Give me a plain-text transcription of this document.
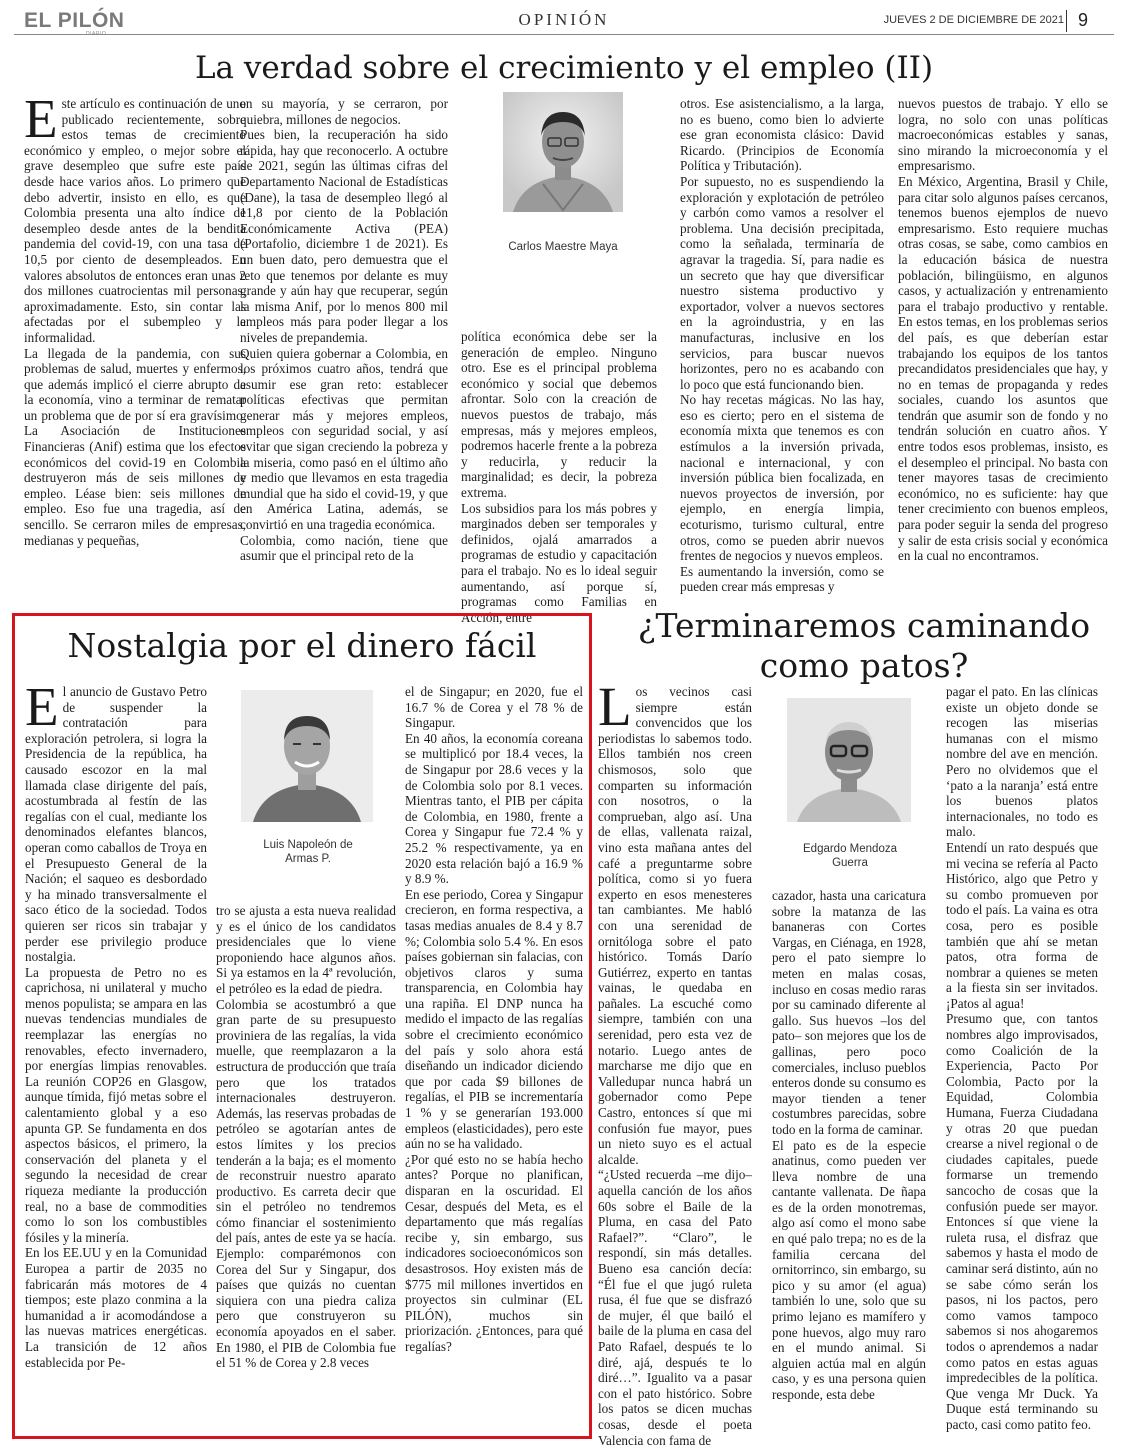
EL PILÓN	OPINIÓN	JUEVES 2 DE DICIEMBRE DE 2021 9
La verdad sobre el crecimiento y el empleo (II)

Este artículo es continuación de uno publicado recientemente, sobre estos temas de crecimiento económico y empleo, o mejor sobre el grave desempleo que sufre este país desde hace varios años. Lo primero que debo advertir, insisto en ello, es que Colombia presenta una alto índice de desempleo desde antes de la bendita pandemia del covid-19, con una tasa de 10,5 por ciento de desempleados. En valores absolutos de entonces eran unas 2 dos millones cuatrocientas mil personas, aproximadamente. Esto, sin contar las afectadas por el subempleo y la informalidad.

La llegada de la pandemia, con sus problemas de salud, muertes y enfermos, que además implicó el cierre abrupto de la economía, vino a terminar de rematar un problema que de por sí era gravísimo. La Asociación de Instituciones Financieras (Anif) estima que los efectos económicos del covid-19 en Colombia destruyeron más de seis millones de empleo. Léase bien: seis millones de empleo. Eso fue una tragedia, así de sencillo. Se cerraron miles de empresas, medianas y pequeñas,

en su mayoría, y se cerraron, por quiebra, millones de negocios.

Pues bien, la recuperación ha sido rápida, hay que reconocerlo. A octubre de 2021, según las últimas cifras del Departamento Nacional de Estadísticas (Dane), la tasa de desempleo llegó al 11,8 por ciento de la Población Económicamente Activa (PEA) (Portafolio, diciembre 1 de 2021). Es un buen dato, pero demuestra que el reto que tenemos por delante es muy grande y aún hay que recuperar, según la misma Anif, por lo menos 800 mil empleos más para poder llegar a los niveles de prepandemia.

Quien quiera gobernar a Colombia, en los próximos cuatro años, tendrá que asumir ese gran reto: establecer políticas efectivas que permitan generar más y mejores empleos, empleos con seguridad social, y así evitar que sigan creciendo la pobreza y la miseria, como pasó en el último año y medio que llevamos en esta tragedia mundial que ha sido el covid-19, y que en América Latina, además, se convirtió en una tragedia económica.

Colombia, como nación, tiene que asumir que el principal reto de la

Carlos Maestre Maya

política económica debe ser la generación de empleo. Ninguno otro. Ese es el principal problema económico y social que debemos afrontar. Solo con la creación de nuevos puestos de trabajo, más empresas, más y mejores empleos, podremos hacerle frente a la pobreza y reducirla, y reducir la marginalidad; es decir, la pobreza extrema.

Los subsidios para los más pobres y marginados deben ser temporales y definidos, ojalá amarrados a programas de estudio y capacitación para el trabajo. No es lo ideal seguir aumentando, así porque sí, programas como Familias en Acción, entre

otros. Ese asistencialismo, a la larga, no es bueno, como bien lo advierte ese gran economista clásico: David Ricardo. (Principios de Economía Política y Tributación).

Por supuesto, no es suspendiendo la exploración y explotación de petróleo y carbón como vamos a resolver el problema. Una decisión precipitada, como la señalada, terminaría de agravar la tragedia. Sí, para nadie es un secreto que hay que diversificar nuestro sistema productivo y exportador, volver a nuevos sectores en la agroindustria, y en las manufacturas, inclusive en los servicios, para buscar nuevos horizontes, pero no es acabando con lo poco que está funcionando bien.

No hay recetas mágicas. No las hay, eso es cierto; pero en el sistema de economía mixta que tenemos es con estímulos a la inversión privada, nacional e internacional, y con inversión pública bien focalizada, en nuevos proyectos de inversión, por ejemplo, en energía limpia, ecoturismo, turismo cultural, entre otros, como se pueden abrir nuevos frentes de negocios y nuevos empleos.

Es aumentando la inversión, como se pueden crear más empresas y

nuevos puestos de trabajo. Y ello se logra, no solo con unas políticas macroeconómicas estables y sanas, sino mirando la microeconomía y el empresarismo.

En México, Argentina, Brasil y Chile, para citar solo algunos países cercanos, tenemos buenos ejemplos de nuevo empresarismo. Esto requiere muchas otras cosas, se sabe, como cambios en la educación básica de nuestra población, bilingüismo, en algunos casos, y actualización y entrenamiento para el trabajo productivo y rentable. En estos temas, en los problemas serios del país, es que deberían estar trabajando los equipos de los tantos precandidatos presidenciales que hay, y no en temas de propaganda y redes sociales, cuando los asuntos que tendrán que asumir son de fondo y no tendrán solución en cuatro años. Y entre todos esos problemas, insisto, es el desempleo el principal. No basta con tener mayores tasas de crecimiento económico, no es suficiente: hay que tener crecimiento con buenos empleos, para poder seguir la senda del progreso y salir de esta crisis social y económica en la cual no encontramos.

Nostalgia por el dinero fácil

El anuncio de Gustavo Petro de suspender la contratación para exploración petrolera, si logra la Presidencia de la república, ha causado escozor en la mal llamada clase dirigente del país, acostumbrada al festín de las regalías con el cual, mediante los denominados elefantes blancos, operan como caballos de Troya en el Presupuesto General de la Nación; el saqueo es desbordado y ha minado transversalmente el saco ético de la sociedad. Todos quieren ser ricos sin trabajar y perder ese privilegio produce nostalgia.

La propuesta de Petro no es caprichosa, ni unilateral y mucho menos populista; se ampara en las nuevas tendencias mundiales de reemplazar las energías no renovables, efecto invernadero, por energías limpias renovables. La reunión COP26 en Glasgow, aunque tímida, fijó metas sobre el calentamiento global y a eso apunta GP. Se fundamenta en dos aspectos básicos, el primero, la conservación del planeta y el segundo la necesidad de crear riqueza mediante la producción real, no a base de commodities como lo son los combustibles fósiles y la minería.

En los EE.UU y en la Comunidad Europea a partir de 2035 no fabricarán más motores de 4 tiempos; este plazo conmina a la humanidad a ir acomodándose a las nuevas matrices energéticas. La transición de 12 años establecida por Pe-

Luis Napoleón de
Armas P.

tro se ajusta a esta nueva realidad y es el único de los candidatos presidenciales que lo viene proponiendo hace algunos años. Si ya estamos en la 4ª revolución, el petróleo es la edad de piedra.

Colombia se acostumbró a que gran parte de su presupuesto proviniera de las regalías, la vida muelle, que reemplazaron a la estructura de producción que traía pero que los tratados internacionales destruyeron. Además, las reservas probadas de petróleo se agotarían antes de estos límites y los precios tenderán a la baja; es el momento de reconstruir nuestro aparato productivo. Es carreta decir que sin el petróleo no tendremos cómo financiar el sostenimiento del país, antes de este ya se hacía. Ejemplo: comparémonos con Corea del Sur y Singapur, dos países que quizás no cuentan siquiera con una piedra caliza pero que construyeron su economía apoyados en el saber. En 1980, el PIB de Colombia fue el 51 % de Corea y 2.8 veces

el de Singapur; en 2020, fue el 16.7 % de Corea y el 78 % de Singapur.

En 40 años, la economía coreana se multiplicó por 18.4 veces, la de Singapur por 28.6 veces y la de Colombia solo por 8.1 veces. Mientras tanto, el PIB per cápita de Colombia, en 1980, frente a Corea y Singapur fue 72.4 % y 25.2 % respectivamente, ya en 2020 esta relación bajó a 16.9 % y 8.9 %.

En ese periodo, Corea y Singapur crecieron, en forma respectiva, a tasas medias anuales de 8.4 y 8.7 %; Colombia solo 5.4 %. En esos países gobiernan sin falacias, con objetivos claros y suma transparencia, en Colombia hay una rapiña. El DNP nunca ha medido el impacto de las regalías sobre el crecimiento económico del país y solo ahora está diseñando un indicador diciendo que por cada $9 billones de regalías, el PIB se incrementaría 1 % y se generarían 193.000 empleos (elasticidades), pero este aún no se ha validado.

¿Por qué esto no se había hecho antes? Porque no planifican, disparan en la oscuridad. El Cesar, después del Meta, es el departamento que más regalías recibe y, sin embargo, sus indicadores socioeconómicos son desastrosos. Hoy existen más de $775 mil millones invertidos en proyectos sin culminar (EL PILÓN), muchos sin priorización. ¿Entonces, para qué regalías?

¿Terminaremos caminando
como patos?

Los vecinos casi siempre están convencidos que los periodistas lo sabemos todo. Ellos también nos creen chismosos, solo que comparten su información con nosotros, o la comprueban, algo así. Una de ellas, vallenata raizal, vino esta mañana antes del café a preguntarme sobre política, como si yo fuera experto en esos menesteres tan cambiantes. Me habló con una serenidad de ornitóloga sobre el pato histórico. Tomás Darío Gutiérrez, experto en tantas vainas, le quedaba en pañales. La escuché como siempre, también con una serenidad, pero esta vez de notario. Luego antes de marcharse me dijo que en Valledupar nunca habrá un gobernador como Pepe Castro, entonces sí que mi confusión fue mayor, pues un nieto suyo es el actual alcalde.

“¿Usted recuerda –me dijo– aquella canción de los años 60s sobre el Baile de la Pluma, en casa del Pato Rafael?”. “Claro”, le respondí, sin más detalles. Bueno esa canción decía: “Él fue el que jugó ruleta rusa, él fue que se disfrazó de mujer, él que bailó el baile de la pluma en casa del Pato Rafael, después te lo diré, ajá, después te lo diré…”. Igualito va a pasar con el pato histórico. Sobre los patos se dicen muchas cosas, desde el poeta Valencia con fama de

Edgardo Mendoza
Guerra

cazador, hasta una caricatura sobre la matanza de las bananeras con Cortes Vargas, en Ciénaga, en 1928, pero el pato siempre lo meten en malas cosas, incluso en cosas medio raras por su caminado diferente al gallo. Sus huevos –los del pato– son mejores que los de gallinas, pero poco comerciales, incluso pueblos enteros donde su consumo es mayor tienden a tener costumbres parecidas, sobre todo en la forma de caminar.

El pato es de la especie anatinus, como pueden ver lleva nombre de una cantante vallenata. De ñapa es de la orden monotremas, algo así como el mono sabe en qué palo trepa; no es de la familia cercana del ornitorrinco, sin embargo, su pico y su amor (el agua) también lo une, solo que su primo lejano es mamífero y pone huevos, algo muy raro en el mundo animal. Si alguien actúa mal en algún caso, y es una persona quien responde, esta debe

pagar el pato. En las clínicas existe un objeto donde se recogen las miserias humanas con el mismo nombre del ave en mención. Pero no olvidemos que el ‘pato a la naranja’ está entre los buenos platos internacionales, no todo es malo.

Entendí un rato después que mi vecina se refería al Pacto Histórico, algo que Petro y su combo promueven por todo el país. La vaina es otra cosa, pero es posible también que ahí se metan patos, otra forma de nombrar a quienes se meten a la fiesta sin ser invitados. ¡Patos al agua!

Presumo que, con tantos nombres algo improvisados, como Coalición de la Experiencia, Pacto Por Colombia, Pacto por la Equidad, Colombia Humana, Fuerza Ciudadana y otras 20 que puedan crearse a nivel regional o de ciudades capitales, puede formarse un tremendo sancocho de cosas que la confusión puede ser mayor. Entonces sí que viene la ruleta rusa, el disfraz que sabemos y hasta el modo de caminar será distinto, aún no se sabe cómo serán los pasos, ni los pactos, pero como vamos tampoco sabemos si nos ahogaremos todos o aprendemos a nadar como patos en estas aguas impredecibles de la política. Que venga Mr Duck. Ya Duque está terminando su pacto, casi como patito feo.
